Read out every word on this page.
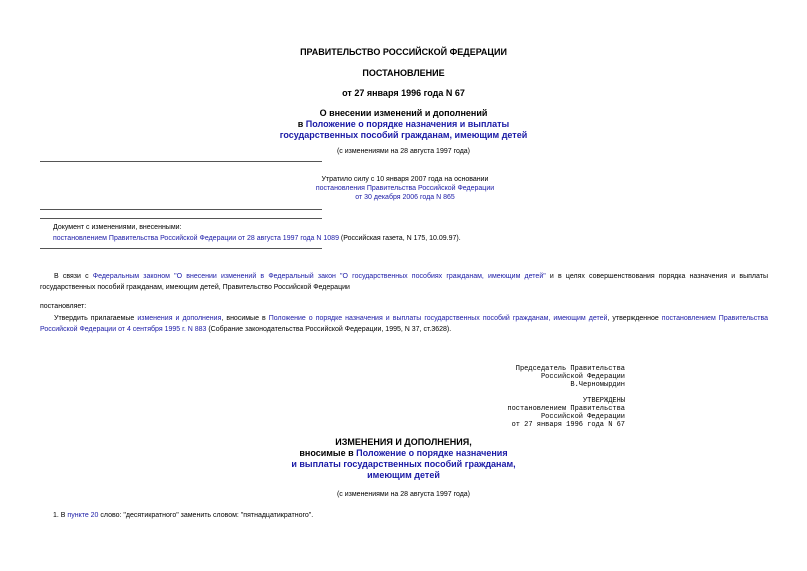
ПРАВИТЕЛЬСТВО РОССИЙСКОЙ ФЕДЕРАЦИИ
ПОСТАНОВЛЕНИЕ
от 27 января 1996 года N 67
О внесении изменений и дополнений
в Положение о порядке назначения и выплаты
государственных пособий гражданам, имеющим детей
(с изменениями на 28 августа 1997 года)
Утратило силу с 10 января 2007 года на основании
постановления Правительства Российской Федерации
от 30 декабря 2006 года N 865
Документ с изменениями, внесенными:
постановлением Правительства Российской Федерации от 28 августа 1997 года N 1089 (Российская газета, N 175, 10.09.97).
В связи с Федеральным законом "О внесении изменений в Федеральный закон "О государственных пособиях гражданам, имеющим детей" и в целях совершенствования порядка назначения и выплаты государственных пособий гражданам, имеющим детей, Правительство Российской Федерации
постановляет:
Утвердить прилагаемые изменения и дополнения, вносимые в Положение о порядке назначения и выплаты государственных пособий гражданам, имеющим детей, утвержденное постановлением Правительства Российской Федерации от 4 сентября 1995 г. N 883 (Собрание законодательства Российской Федерации, 1995, N 37, ст.3628).
Председатель Правительства
Российской Федерации
В.Черномырдин
УТВЕРЖДЕНЫ
постановлением Правительства
Российской Федерации
от 27 января 1996 года N 67
ИЗМЕНЕНИЯ И ДОПОЛНЕНИЯ,
вносимые в Положение о порядке назначения
и выплаты государственных пособий гражданам,
имеющим детей
(с изменениями на 28 августа 1997 года)
1. В пункте 20 слово: "десятикратного" заменить словом: "пятнадцатикратного".
